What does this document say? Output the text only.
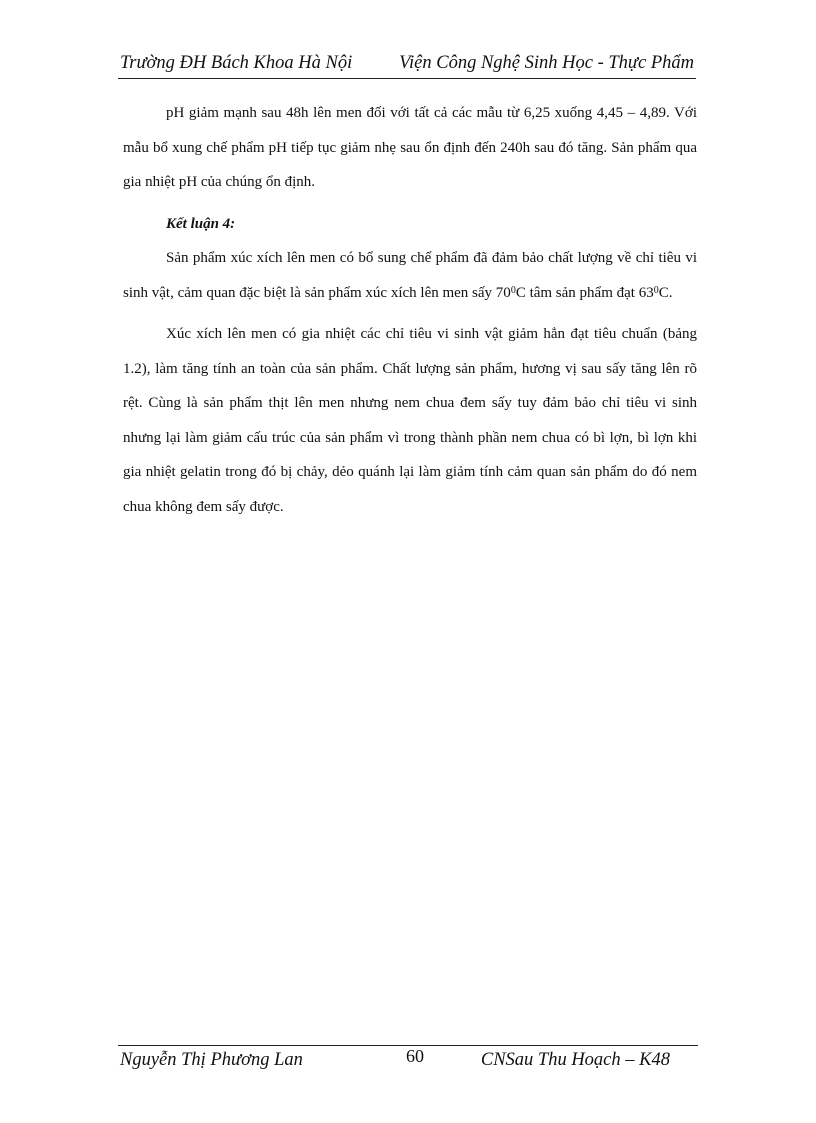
Trường ĐH Bách Khoa Hà Nội	Viện Công Nghệ Sinh Học - Thực Phẩm

pH giảm mạnh sau 48h lên men đối với tất cả các mẫu từ 6,25 xuống 4,45 – 4,89. Với mẫu bổ xung chế phẩm pH tiếp tục giảm nhẹ sau ổn định đến 240h sau đó tăng. Sản phẩm qua gia nhiệt pH của chúng ổn định.

Kết luận 4:

Sản phẩm xúc xích lên men có bổ sung chế phẩm đã đảm bảo chất lượng về chỉ tiêu vi sinh vật, cảm quan đặc biệt là sản phẩm xúc xích lên men sấy $70^0C$ tâm sản phẩm đạt $63^0C$.

Xúc xích lên men có gia nhiệt các chỉ tiêu vi sinh vật giảm hẳn đạt tiêu chuẩn (bảng 1.2), làm tăng tính an toàn của sản phẩm. Chất lượng sản phẩm, hương vị sau sấy tăng lên rõ rệt. Cùng là sản phẩm thịt lên men nhưng nem chua đem sấy tuy đảm bảo chỉ tiêu vi sinh nhưng lại làm giảm cấu trúc của sản phẩm vì trong thành phần nem chua có bì lợn, bì lợn khi gia nhiệt gelatin trong đó bị chảy, dẻo quánh lại làm giảm tính cảm quan sản phẩm do đó nem chua không đem sấy được.

Nguyễn Thị Phương Lan	60	CNSau Thu Hoạch – K48
